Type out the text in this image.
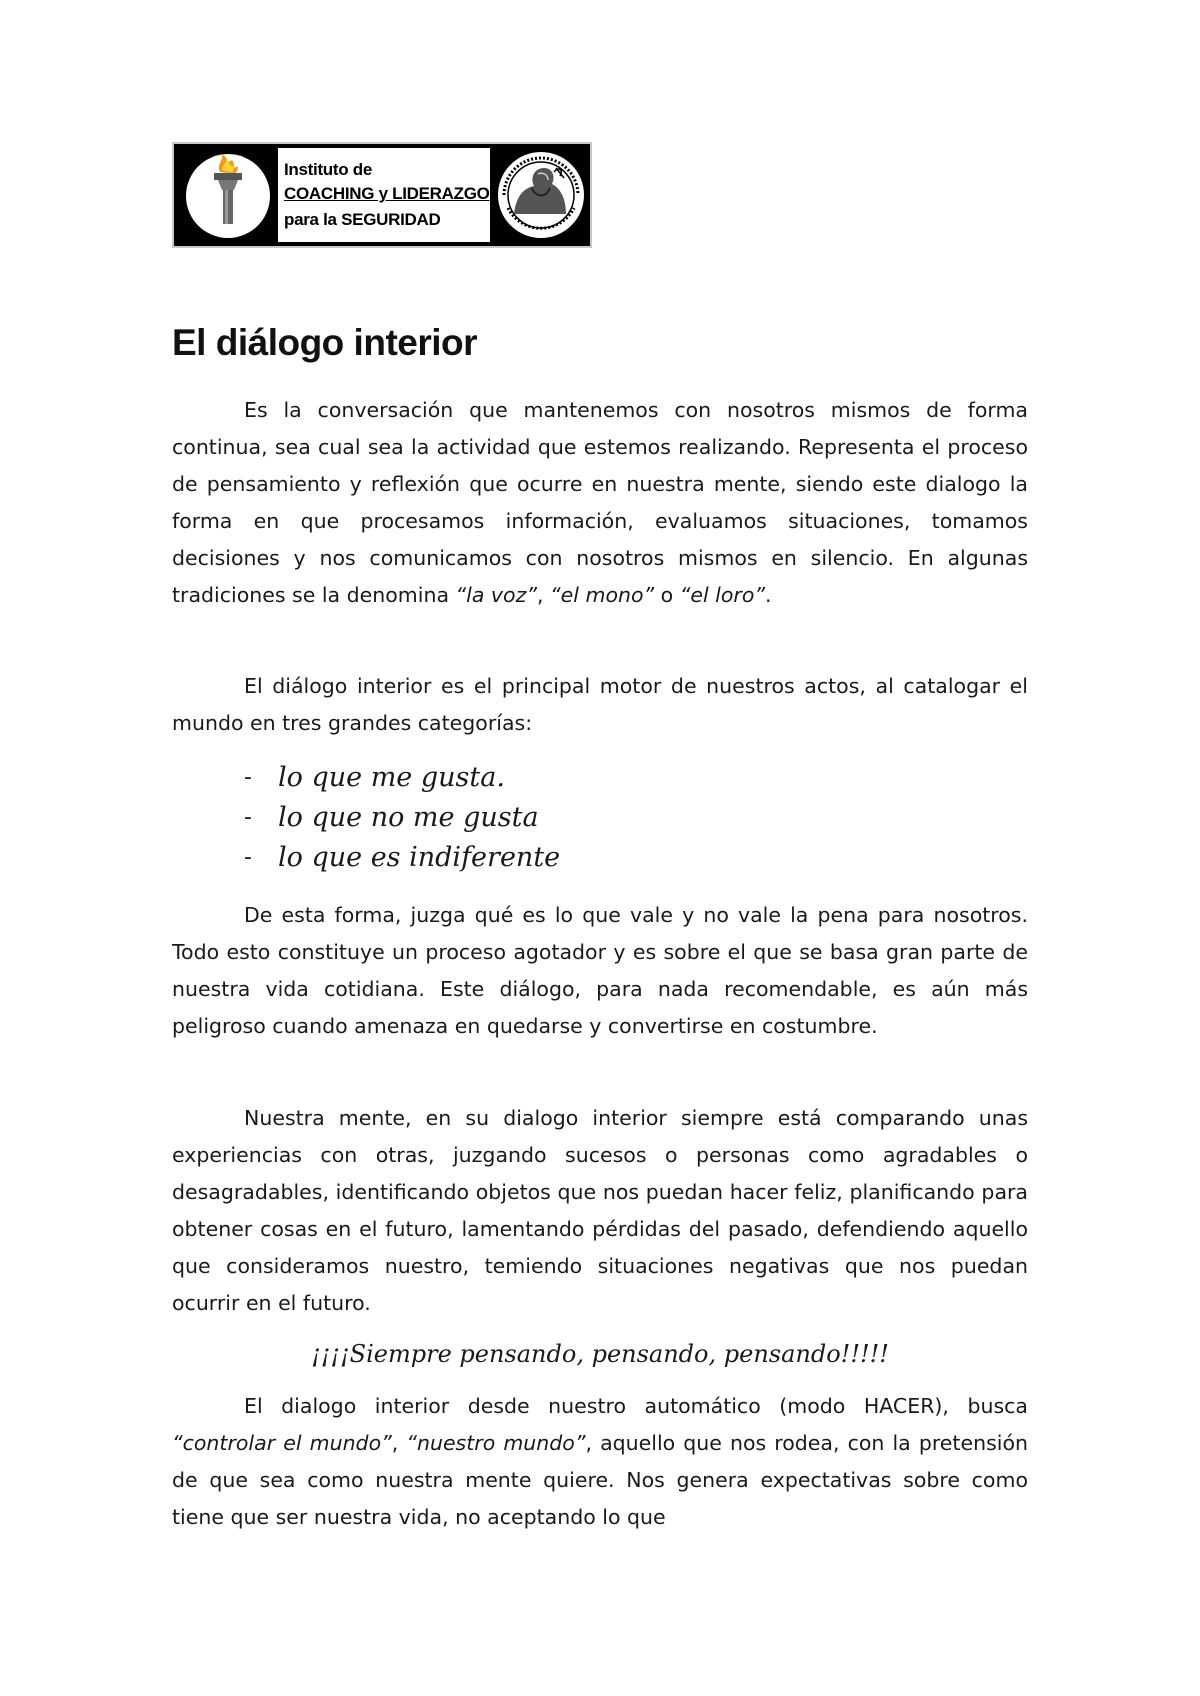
Instituto de
COACHING y LIDERAZGO
para la SEGURIDAD
El diálogo interior

Es la conversación que mantenemos con nosotros mismos de forma continua, sea cual sea la actividad que estemos realizando. Representa el proceso de pensamiento y reflexión que ocurre en nuestra mente, siendo este dialogo la forma en que procesamos información, evaluamos situaciones, tomamos decisiones y nos comunicamos con nosotros mismos en silencio. En algunas tradiciones se la denomina “la voz”, “el mono” o “el loro”.

El diálogo interior es el principal motor de nuestros actos, al catalogar el mundo en tres grandes categorías:

- lo que me gusta.
- lo que no me gusta
- lo que es indiferente

De esta forma, juzga qué es lo que vale y no vale la pena para nosotros. Todo esto constituye un proceso agotador y es sobre el que se basa gran parte de nuestra vida cotidiana. Este diálogo, para nada recomendable, es aún más peligroso cuando amenaza en quedarse y convertirse en costumbre.

Nuestra mente, en su dialogo interior siempre está comparando unas experiencias con otras, juzgando sucesos o personas como agradables o desagradables, identificando objetos que nos puedan hacer feliz, planificando para obtener cosas en el futuro, lamentando pérdidas del pasado, defendiendo aquello que consideramos nuestro, temiendo situaciones negativas que nos puedan ocurrir en el futuro.

¡¡¡¡Siempre pensando, pensando, pensando!!!!!

El dialogo interior desde nuestro automático (modo HACER), busca “controlar el mundo”, “nuestro mundo”, aquello que nos rodea, con la pretensión de que sea como nuestra mente quiere. Nos genera expectativas sobre como tiene que ser nuestra vida, no aceptando lo que
